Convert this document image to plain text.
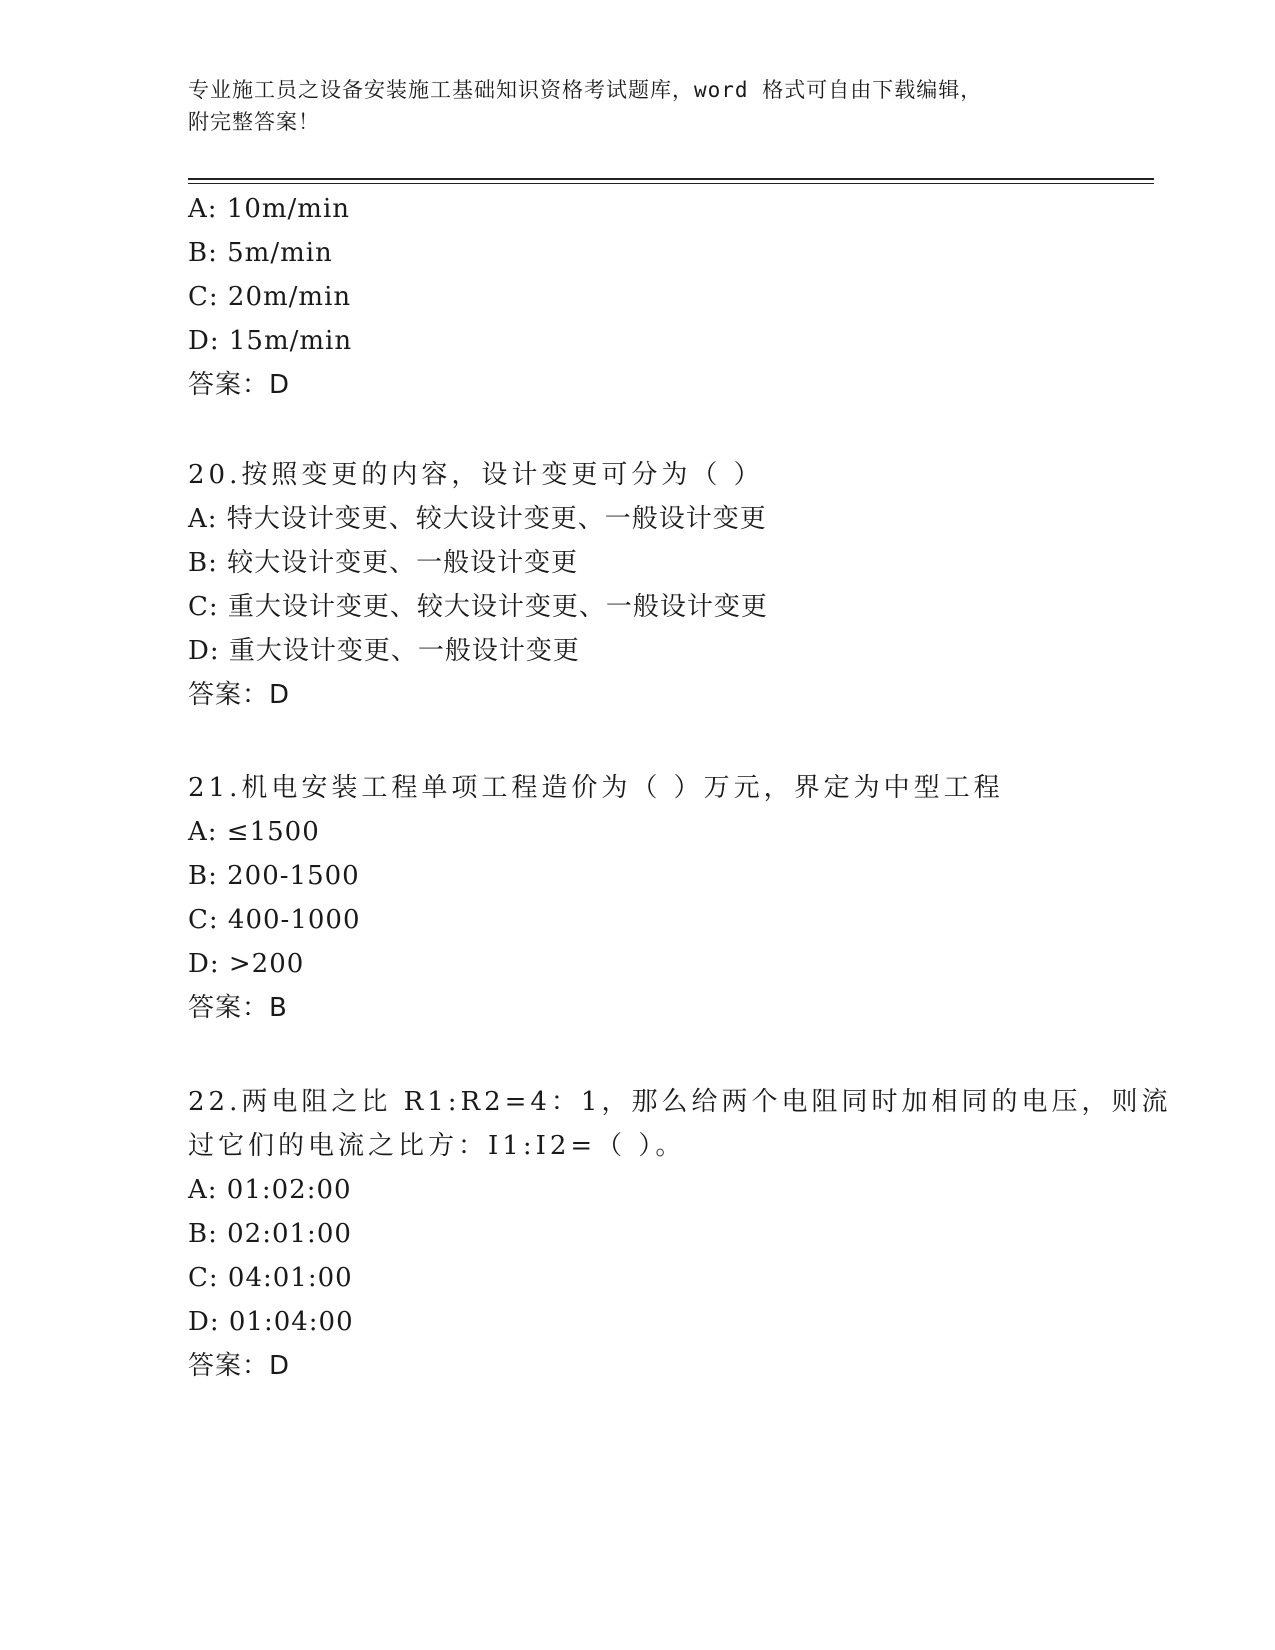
专业施工员之设备安装施工基础知识资格考试题库，word 格式可自由下载编辑，
附完整答案！
A: 10m/min
B: 5m/min
C: 20m/min
D: 15m/min
答案：D
20.按照变更的内容，设计变更可分为（ ）
A: 特大设计变更、较大设计变更、一般设计变更
B: 较大设计变更、一般设计变更
C: 重大设计变更、较大设计变更、一般设计变更
D: 重大设计变更、一般设计变更
答案：D
21.机电安装工程单项工程造价为（ ）万元，界定为中型工程
A: ≤1500
B: 200-1500
C: 400-1000
D: >200
答案：B
22.两电阻之比 R1:R2=4：1，那么给两个电阻同时加相同的电压，则流
过它们的电流之比方：I1:I2=（ ）。
A: 01:02:00
B: 02:01:00
C: 04:01:00
D: 01:04:00
答案：D
